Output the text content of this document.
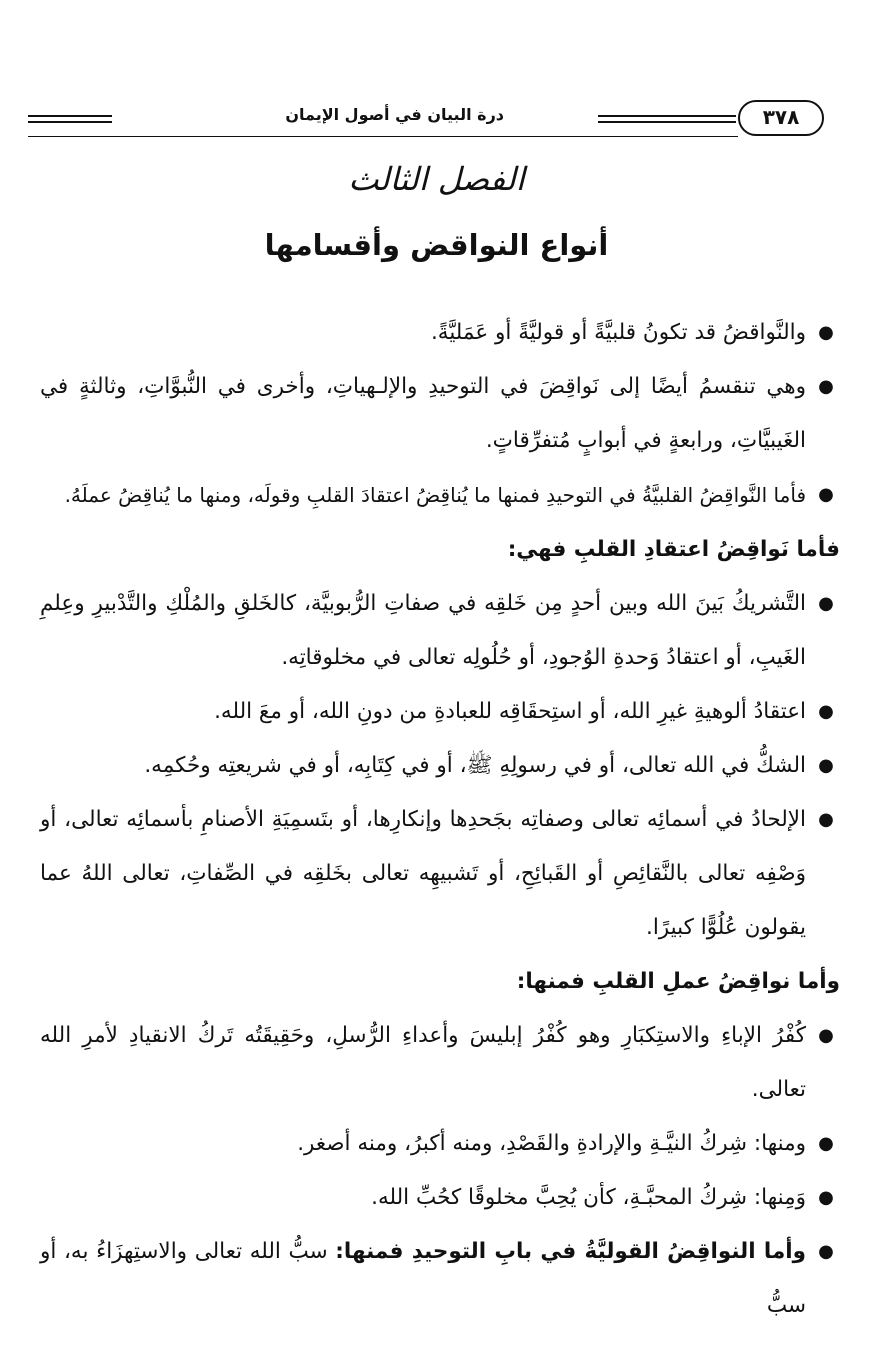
٣٧٨
درة البيان في أصول الإيمان
الفصل الثالث
أنواع النواقض وأقسامها

●
والنَّواقضُ قد تكونُ قلبيَّةً أو قوليَّةً أو عَمَليَّةً.

●
وهي تنقسمُ أيضًا إلى نَواقِضَ في التوحيدِ والإلـهياتِ، وأخرى في النُّبوَّاتِ، وثالثةٍ في الغَيبيَّاتِ، ورابعةٍ في أبوابٍ مُتفرِّقاتٍ.

●
فأما النَّواقِضُ القلبيَّةُ في التوحيدِ فمنها ما يُناقِضُ اعتقادَ القلبِ وقولَه، ومنها ما يُناقِضُ عملَهُ.

فأما نَواقِضُ اعتقادِ القلبِ فهي:

●
التَّشريكُ بَينَ الله وبين أحدٍ مِن خَلقِه في صفاتِ الرُّبوبيَّة، كالخَلقِ والمُلْكِ والتَّدْبيرِ وعِلمِ الغَيبِ، أو اعتقادُ وَحدةِ الوُجودِ، أو حُلُولِه تعالى في مخلوقاتِه.

●
اعتقادُ ألوهيةِ غيرِ الله، أو استِحقَاقِه للعبادةِ من دونِ الله، أو معَ الله.

●
الشكُّ في الله تعالى، أو في رسولِهِ ﷺ، أو في كِتَابِه، أو في شريعتِه وحُكمِه.

●
الإلحادُ في أسمائِه تعالى وصفاتِه بجَحدِها وإنكارِها، أو بتَسمِيَةِ الأصنامِ بأسمائِه تعالى، أو وَصْفِه تعالى بالنَّقائِصِ أو القَبائِحِ، أو تَشبيهِه تعالى بخَلقِه في الصِّفاتِ، تعالى اللهُ عما يقولون عُلُوًّا كبيرًا.

وأما نواقِضُ عملِ القلبِ فمنها:

●
كُفْرُ الإباءِ والاستِكبَارِ وهو كُفْرُ إبليسَ وأعداءِ الرُّسلِ، وحَقِيقَتُه تَركُ الانقيادِ لأمرِ الله تعالى.

●
ومنها: شِركُ النيَّـةِ والإرادةِ والقَصْدِ، ومنه أكبرُ، ومنه أصغر.

●
وَمِنها: شِركُ المحبَّـةِ، كأن يُحِبَّ مخلوقًا كحُبِّ الله.

●
وأما النواقِضُ القوليَّةُ في بابِ التوحيدِ فمنها: سبُّ الله تعالى والاستِهزَاءُ به، أو سبُّ
